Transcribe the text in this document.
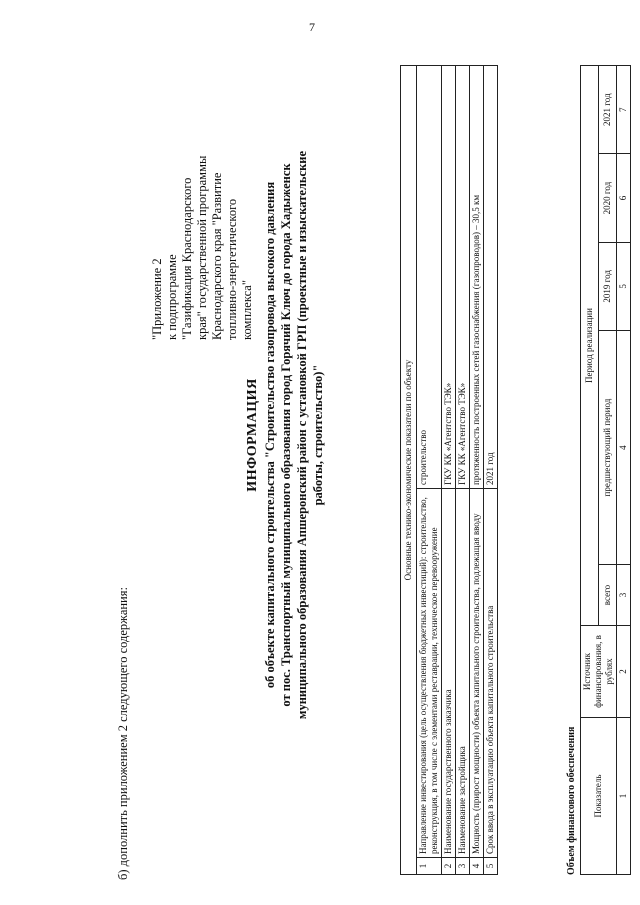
7
б) дополнить приложением 2 следующего содержания:
"Приложение 2 к подпрограмме "Газификация Краснодарского края" государственной программы Краснодарского края "Развитие топливно-энергетического комплекса"
ИНФОРМАЦИЯ об объекте капитального строительства "Строительство газопровода высокого давления от пос. Транспортный муниципального образования город Горячий Ключ до города Хадыженск муниципального образования Апшеронский район с установкой ГРП (проектные и изыскательские работы, строительство)"	Основные технико-экономические показатели по объекту		
1	Направление инвестирования (цель осуществления бюджетных инвестиций): строительство, реконструкция, в том числе с элементами реставрации, техническое перевооружение	строительство
2	Наименование государственного заказчика	ГКУ КК «Агентство ТЭК»
3	Наименование застройщика	ГКУ КК «Агентство ТЭК»
4	Мощность (прирост мощности) объекта капитального строительства, подлежащая вводу	протяженность построенных сетей газоснабжения (газопроводов) – 30,5 км
5	Срок ввода в эксплуатацию объекта капитального строительства	2021 год
Объем финансового обеспечения Показатель	Источник финансирования, в рублях	Период реализации				
		всего	предшествующий период	2019 год	2020 год	2021 год
1	2	3	4	5	6	7
